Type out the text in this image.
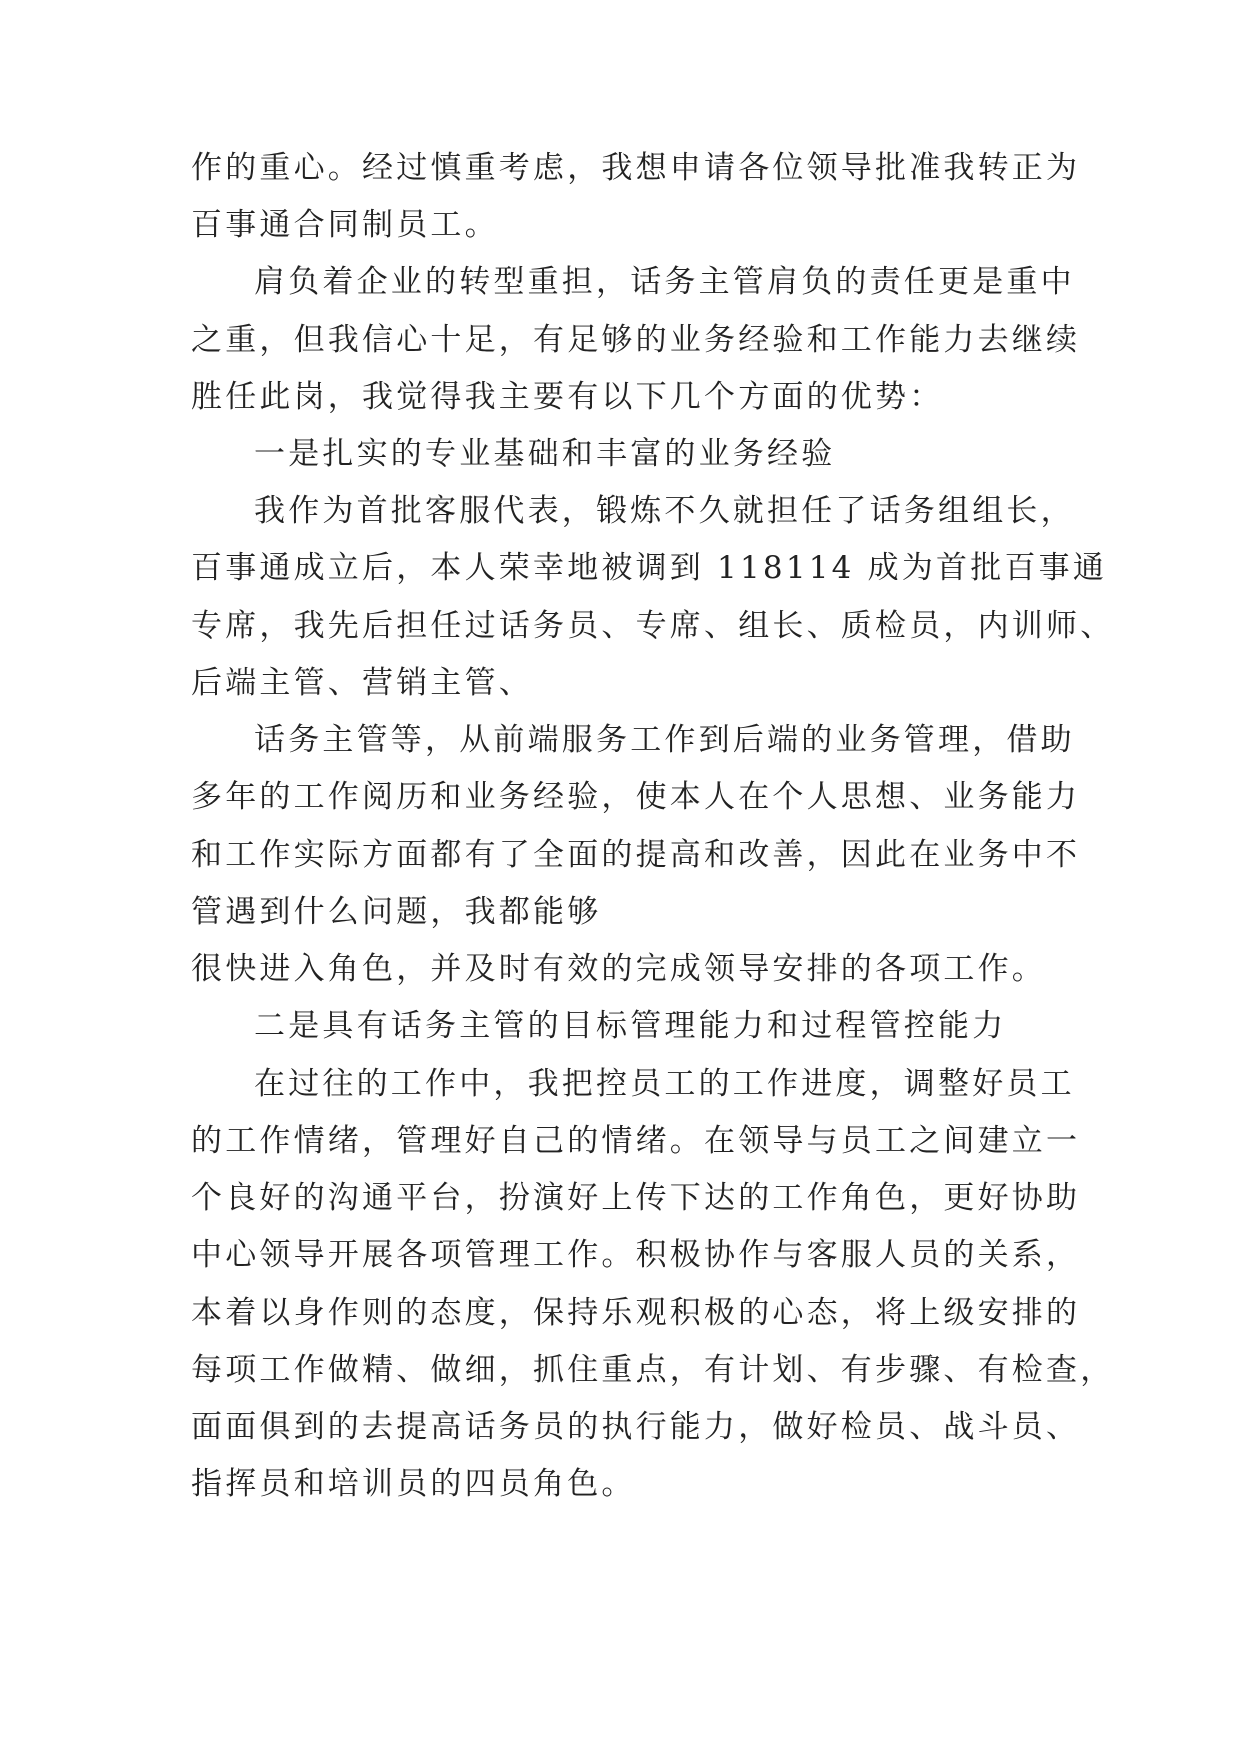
作的重心。经过慎重考虑，我想申请各位领导批准我转正为
百事通合同制员工。
肩负着企业的转型重担，话务主管肩负的责任更是重中
之重，但我信心十足，有足够的业务经验和工作能力去继续
胜任此岗，我觉得我主要有以下几个方面的优势：
一是扎实的专业基础和丰富的业务经验
我作为首批客服代表，锻炼不久就担任了话务组组长，
百事通成立后，本人荣幸地被调到 118114 成为首批百事通
专席，我先后担任过话务员、专席、组长、质检员，内训师、
后端主管、营销主管、
话务主管等，从前端服务工作到后端的业务管理，借助
多年的工作阅历和业务经验，使本人在个人思想、业务能力
和工作实际方面都有了全面的提高和改善，因此在业务中不
管遇到什么问题，我都能够
很快进入角色，并及时有效的完成领导安排的各项工作。
二是具有话务主管的目标管理能力和过程管控能力
在过往的工作中，我把控员工的工作进度，调整好员工
的工作情绪，管理好自己的情绪。在领导与员工之间建立一
个良好的沟通平台，扮演好上传下达的工作角色，更好协助
中心领导开展各项管理工作。积极协作与客服人员的关系，
本着以身作则的态度，保持乐观积极的心态，将上级安排的
每项工作做精、做细，抓住重点，有计划、有步骤、有检查，
面面俱到的去提高话务员的执行能力，做好检员、战斗员、
指挥员和培训员的四员角色。
